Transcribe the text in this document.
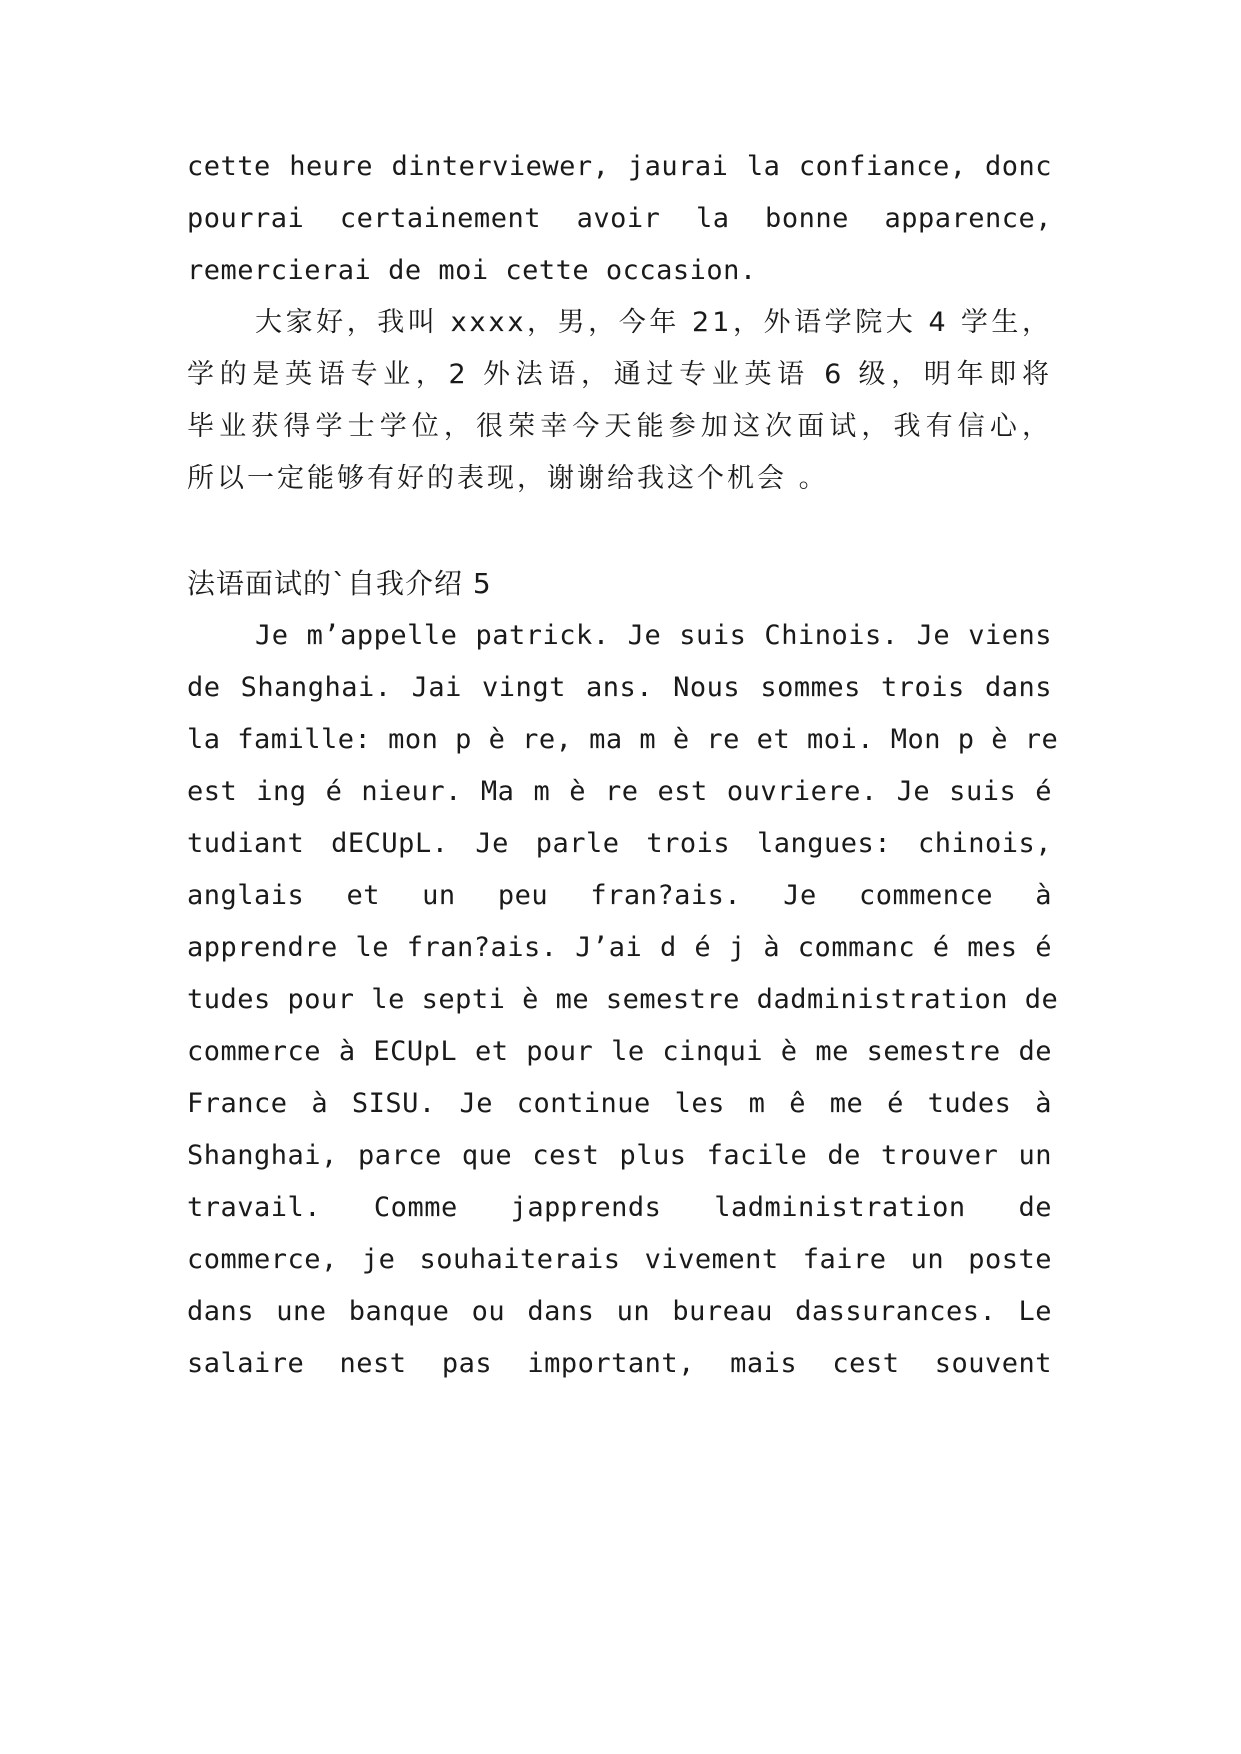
cette heure dinterviewer, jaurai la confiance, donc
pourrai certainement avoir la bonne apparence,
remercierai de moi cette occasion.
大家好，我叫 xxxx，男，今年 21，外语学院大 4 学生，
学的是英语专业，2 外法语，通过专业英语 6 级，明年即将
毕业获得学士学位，很荣幸今天能参加这次面试，我有信心，
所以一定能够有好的表现，谢谢给我这个机会 。
法语面试的`自我介绍 5
Je m’appelle patrick. Je suis Chinois. Je viens
de Shanghai. Jai vingt ans. Nous sommes trois dans
la famille: mon p è re, ma m è re et moi. Mon p è re
est ing é nieur. Ma m è re est ouvriere. Je suis é
tudiant dECUpL. Je parle trois langues: chinois,
anglais et un peu fran?ais. Je commence à
apprendre le fran?ais. J’ai d é j à commanc é mes é
tudes pour le septi è me semestre dadministration de
commerce à ECUpL et pour le cinqui è me semestre de
France à SISU. Je continue les m ê me é tudes à
Shanghai, parce que cest plus facile de trouver un
travail. Comme japprends ladministration de
commerce, je souhaiterais vivement faire un poste
dans une banque ou dans un bureau dassurances. Le
salaire nest pas important, mais cest souvent
